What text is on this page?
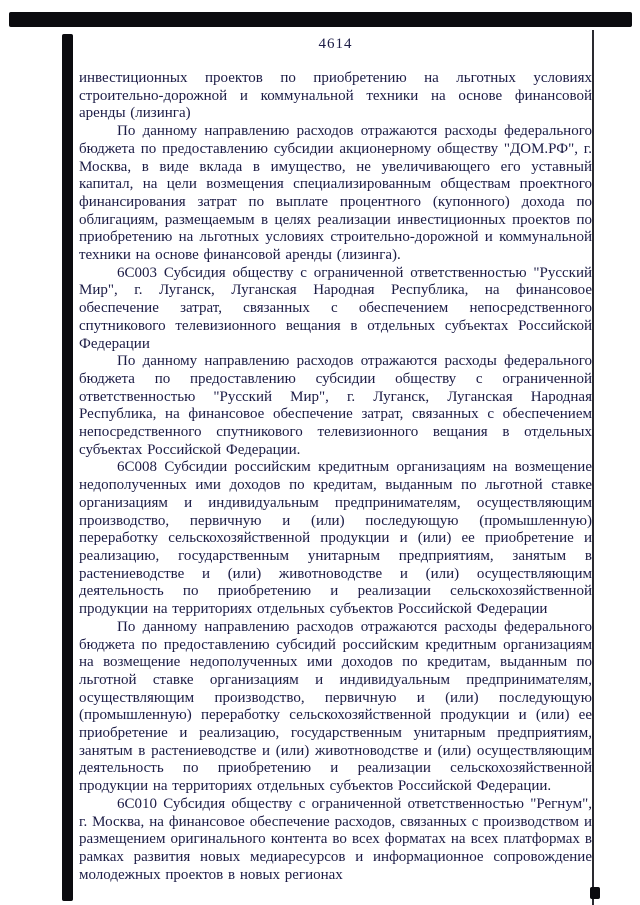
4614

инвестиционных проектов по приобретению на льготных условиях строительно-дорожной и коммунальной техники на основе финансовой аренды (лизинга)

По данному направлению расходов отражаются расходы федерального бюджета по предоставлению субсидии акционерному обществу "ДОМ.РФ", г. Москва, в виде вклада в имущество, не увеличивающего его уставный капитал, на цели возмещения специализированным обществам проектного финансирования затрат по выплате процентного (купонного) дохода по облигациям, размещаемым в целях реализации инвестиционных проектов по приобретению на льготных условиях строительно-дорожной и коммунальной техники на основе финансовой аренды (лизинга).

6C003 Субсидия обществу с ограниченной ответственностью "Русский Мир", г. Луганск, Луганская Народная Республика, на финансовое обеспечение затрат, связанных с обеспечением непосредственного спутникового телевизионного вещания в отдельных субъектах Российской Федерации

По данному направлению расходов отражаются расходы федерального бюджета по предоставлению субсидии обществу с ограниченной ответственностью "Русский Мир", г. Луганск, Луганская Народная Республика, на финансовое обеспечение затрат, связанных с обеспечением непосредственного спутникового телевизионного вещания в отдельных субъектах Российской Федерации.

6C008 Субсидии российским кредитным организациям на возмещение недополученных ими доходов по кредитам, выданным по льготной ставке организациям и индивидуальным предпринимателям, осуществляющим производство, первичную и (или) последующую (промышленную) переработку сельскохозяйственной продукции и (или) ее приобретение и реализацию, государственным унитарным предприятиям, занятым в растениеводстве и (или) животноводстве и (или) осуществляющим деятельность по приобретению и реализации сельскохозяйственной продукции на территориях отдельных субъектов Российской Федерации

По данному направлению расходов отражаются расходы федерального бюджета по предоставлению субсидий российским кредитным организациям на возмещение недополученных ими доходов по кредитам, выданным по льготной ставке организациям и индивидуальным предпринимателям, осуществляющим производство, первичную и (или) последующую (промышленную) переработку сельскохозяйственной продукции и (или) ее приобретение и реализацию, государственным унитарным предприятиям, занятым в растениеводстве и (или) животноводстве и (или) осуществляющим деятельность по приобретению и реализации сельскохозяйственной продукции на территориях отдельных субъектов Российской Федерации.

6C010 Субсидия обществу с ограниченной ответственностью "Регнум", г. Москва, на финансовое обеспечение расходов, связанных с производством и размещением оригинального контента во всех форматах на всех платформах в рамках развития новых медиаресурсов и информационное сопровождение молодежных проектов в новых регионах
